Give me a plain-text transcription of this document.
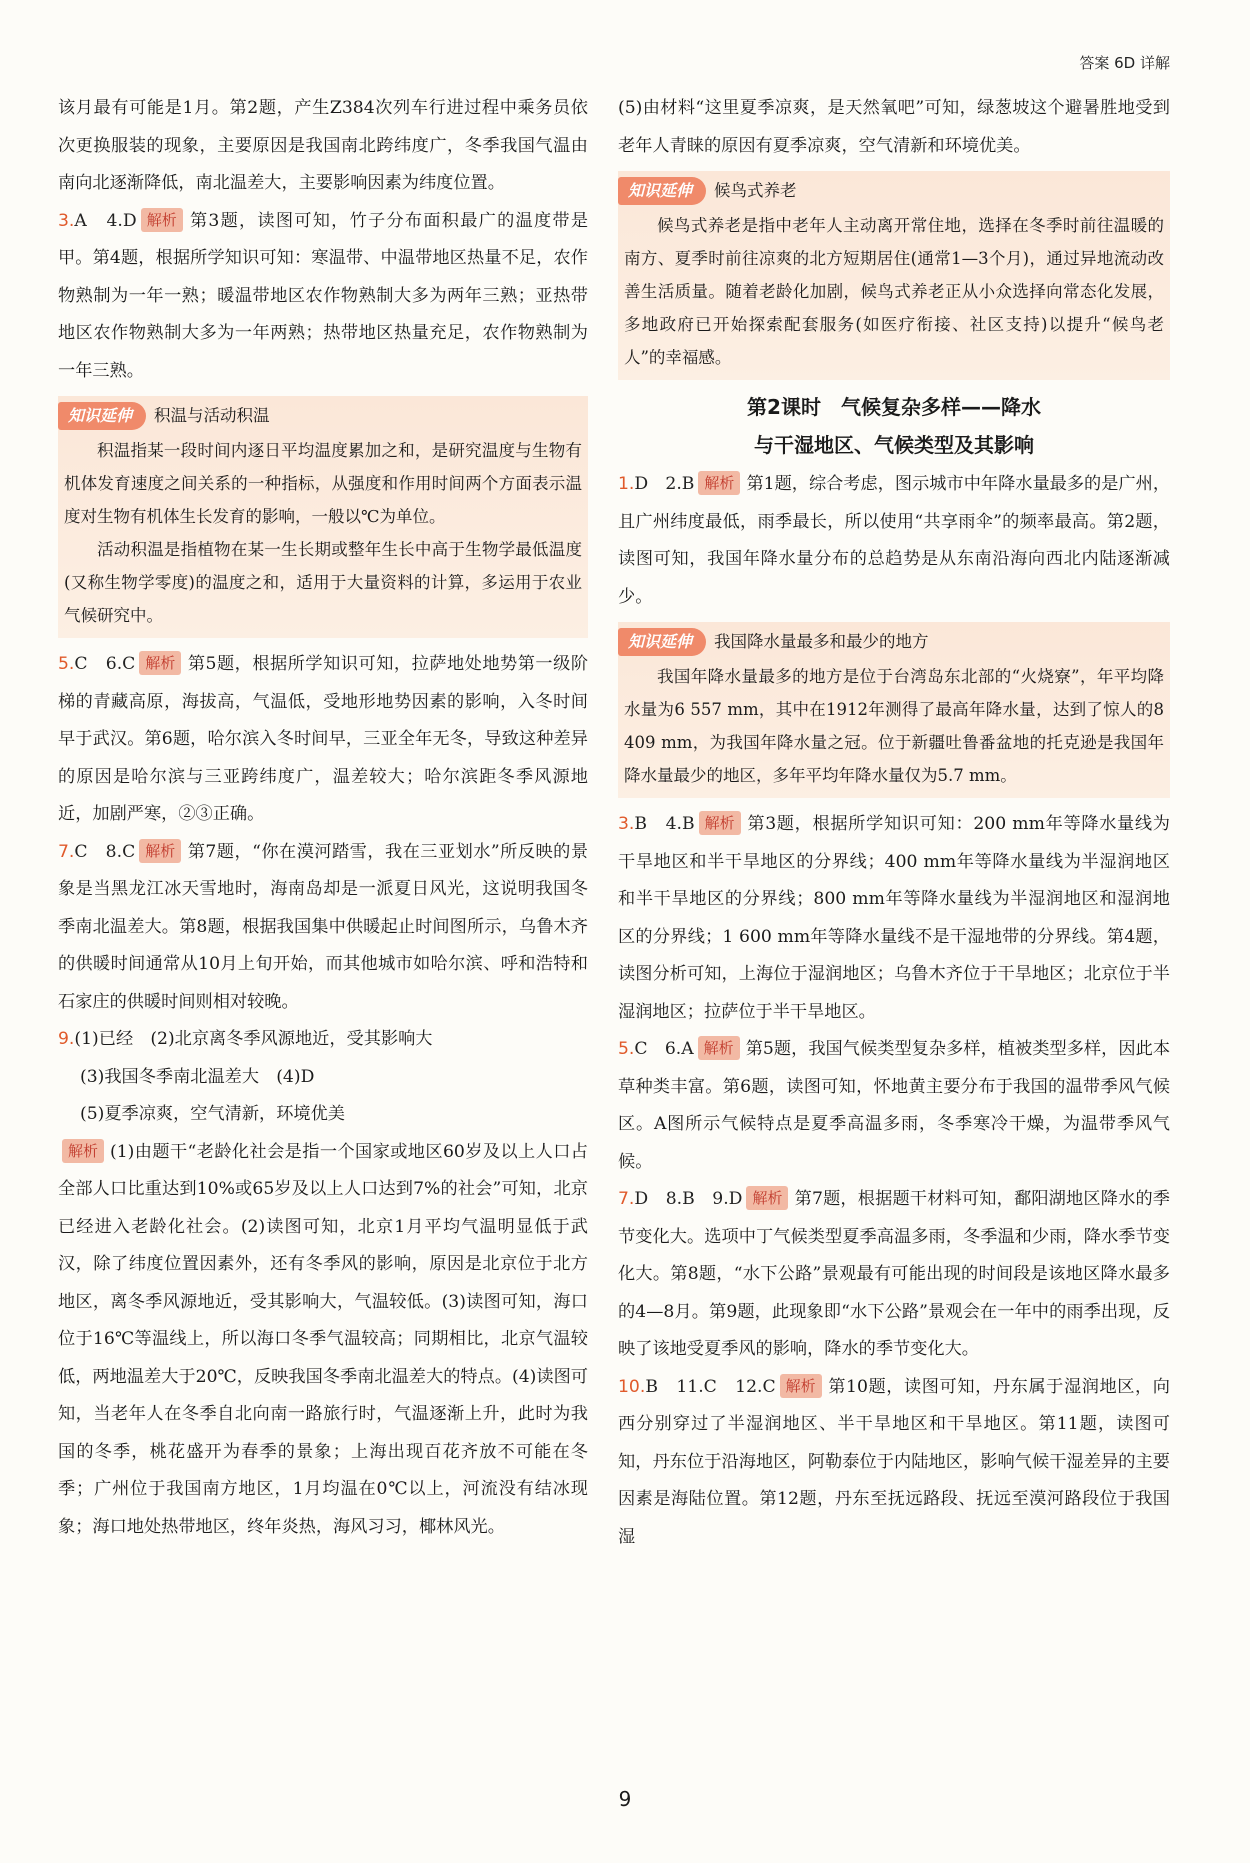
答案 6D 详解

该月最有可能是1月。第2题，产生Z384次列车行进过程中乘务员依次更换服装的现象，主要原因是我国南北跨纬度广，冬季我国气温由南向北逐渐降低，南北温差大，主要影响因素为纬度位置。

3.A　4.D 解析 第3题，读图可知，竹子分布面积最广的温度带是甲。第4题，根据所学知识可知：寒温带、中温带地区热量不足，农作物熟制为一年一熟；暖温带地区农作物熟制大多为两年三熟；亚热带地区农作物熟制大多为一年两熟；热带地区热量充足，农作物熟制为一年三熟。

知识延伸	积温与活动积温

积温指某一段时间内逐日平均温度累加之和，是研究温度与生物有机体发育速度之间关系的一种指标，从强度和作用时间两个方面表示温度对生物有机体生长发育的影响，一般以℃为单位。

活动积温是指植物在某一生长期或整年生长中高于生物学最低温度(又称生物学零度)的温度之和，适用于大量资料的计算，多运用于农业气候研究中。

5.C　6.C 解析 第5题，根据所学知识可知，拉萨地处地势第一级阶梯的青藏高原，海拔高，气温低，受地形地势因素的影响，入冬时间早于武汉。第6题，哈尔滨入冬时间早，三亚全年无冬，导致这种差异的原因是哈尔滨与三亚跨纬度广，温差较大；哈尔滨距冬季风源地近，加剧严寒，②③正确。

7.C　8.C 解析 第7题，“你在漠河踏雪，我在三亚划水”所反映的景象是当黑龙江冰天雪地时，海南岛却是一派夏日风光，这说明我国冬季南北温差大。第8题，根据我国集中供暖起止时间图所示，乌鲁木齐的供暖时间通常从10月上旬开始，而其他城市如哈尔滨、呼和浩特和石家庄的供暖时间则相对较晚。

9.(1)已经　(2)北京离冬季风源地近，受其影响大

(3)我国冬季南北温差大　(4)D

(5)夏季凉爽，空气清新，环境优美

解析 (1)由题干“老龄化社会是指一个国家或地区60岁及以上人口占全部人口比重达到10%或65岁及以上人口达到7%的社会”可知，北京已经进入老龄化社会。(2)读图可知，北京1月平均气温明显低于武汉，除了纬度位置因素外，还有冬季风的影响，原因是北京位于北方地区，离冬季风源地近，受其影响大，气温较低。(3)读图可知，海口位于16℃等温线上，所以海口冬季气温较高；同期相比，北京气温较低，两地温差大于20℃，反映我国冬季南北温差大的特点。(4)读图可知，当老年人在冬季自北向南一路旅行时，气温逐渐上升，此时为我国的冬季，桃花盛开为春季的景象；上海出现百花齐放不可能在冬季；广州位于我国南方地区，1月均温在0℃以上，河流没有结冰现象；海口地处热带地区，终年炎热，海风习习，椰林风光。

(5)由材料“这里夏季凉爽，是天然氧吧”可知，绿葱坡这个避暑胜地受到老年人青睐的原因有夏季凉爽，空气清新和环境优美。

知识延伸	候鸟式养老

候鸟式养老是指中老年人主动离开常住地，选择在冬季时前往温暖的南方、夏季时前往凉爽的北方短期居住(通常1—3个月)，通过异地流动改善生活质量。随着老龄化加剧，候鸟式养老正从小众选择向常态化发展，多地政府已开始探索配套服务(如医疗衔接、社区支持)以提升“候鸟老人”的幸福感。

第2课时　气候复杂多样——降水
与干湿地区、气候类型及其影响

1.D　2.B 解析 第1题，综合考虑，图示城市中年降水量最多的是广州，且广州纬度最低，雨季最长，所以使用“共享雨伞”的频率最高。第2题，读图可知，我国年降水量分布的总趋势是从东南沿海向西北内陆逐渐减少。

知识延伸	我国降水量最多和最少的地方

我国年降水量最多的地方是位于台湾岛东北部的“火烧寮”，年平均降水量为6 557 mm，其中在1912年测得了最高年降水量，达到了惊人的8 409 mm，为我国年降水量之冠。位于新疆吐鲁番盆地的托克逊是我国年降水量最少的地区，多年平均年降水量仅为5.7 mm。

3.B　4.B 解析 第3题，根据所学知识可知：200 mm年等降水量线为干旱地区和半干旱地区的分界线；400 mm年等降水量线为半湿润地区和半干旱地区的分界线；800 mm年等降水量线为半湿润地区和湿润地区的分界线；1 600 mm年等降水量线不是干湿地带的分界线。第4题，读图分析可知，上海位于湿润地区；乌鲁木齐位于干旱地区；北京位于半湿润地区；拉萨位于半干旱地区。

5.C　6.A 解析 第5题，我国气候类型复杂多样，植被类型多样，因此本草种类丰富。第6题，读图可知，怀地黄主要分布于我国的温带季风气候区。A图所示气候特点是夏季高温多雨，冬季寒冷干燥，为温带季风气候。

7.D　8.B　9.D 解析 第7题，根据题干材料可知，鄱阳湖地区降水的季节变化大。选项中丁气候类型夏季高温多雨，冬季温和少雨，降水季节变化大。第8题，“水下公路”景观最有可能出现的时间段是该地区降水最多的4—8月。第9题，此现象即“水下公路”景观会在一年中的雨季出现，反映了该地受夏季风的影响，降水的季节变化大。

10.B　11.C　12.C 解析 第10题，读图可知，丹东属于湿润地区，向西分别穿过了半湿润地区、半干旱地区和干旱地区。第11题，读图可知，丹东位于沿海地区，阿勒泰位于内陆地区，影响气候干湿差异的主要因素是海陆位置。第12题，丹东至抚远路段、抚远至漠河路段位于我国湿

9
